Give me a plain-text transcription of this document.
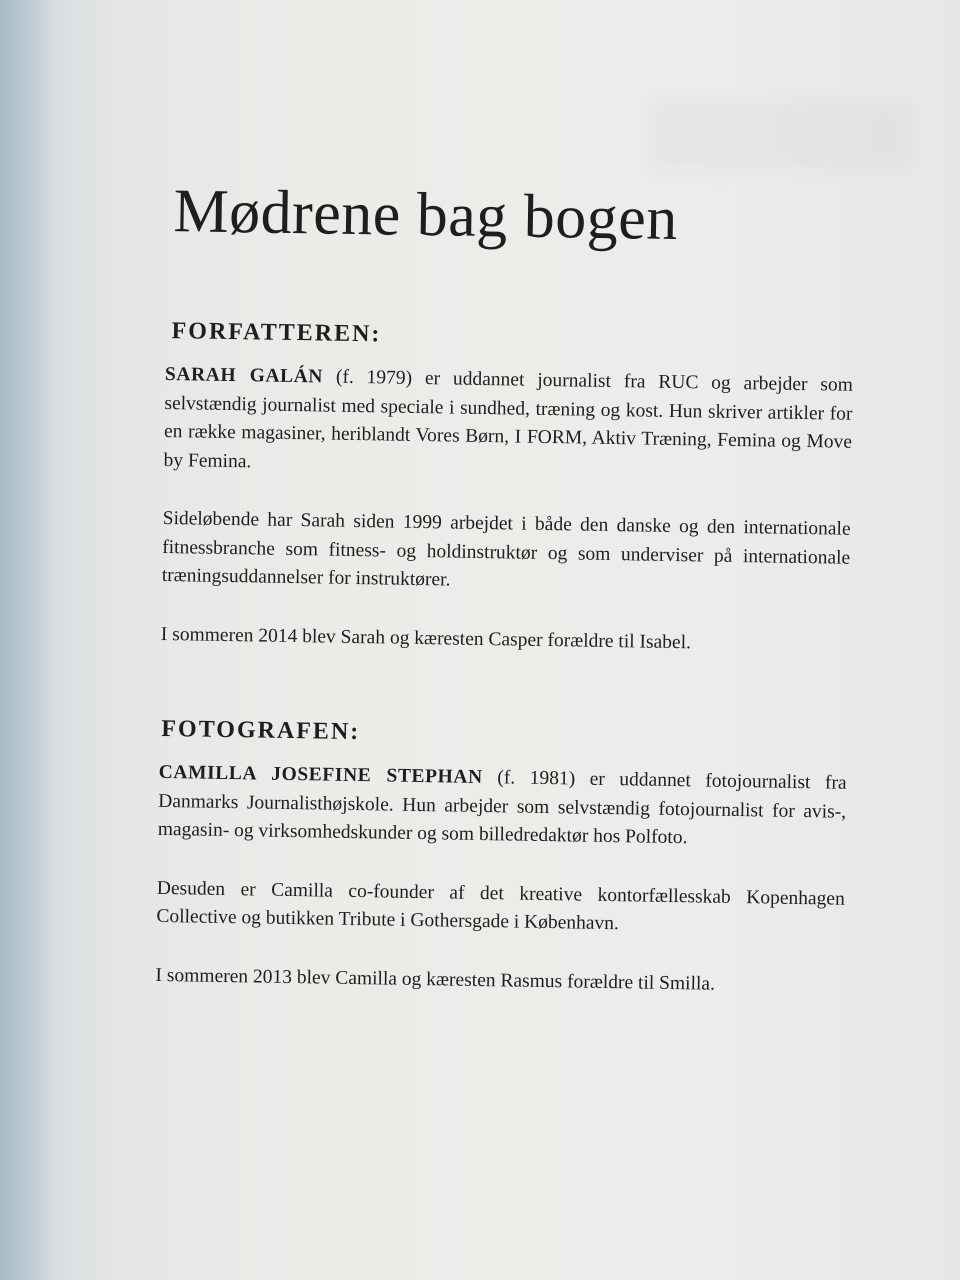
Mødrene bag bogen
FORFATTEREN:

SARAH GALÁN (f. 1979) er uddannet journalist fra RUC og arbejder som selvstændig journalist med speciale i sundhed, træning og kost. Hun skriver artikler for en række magasiner, heriblandt Vores Børn, I FORM, Aktiv Træning, Femina og Move by Femina.

Sideløbende har Sarah siden 1999 arbejdet i både den danske og den internationale fitnessbranche som fitness- og holdinstruktør og som underviser på internationale træningsuddannelser for instruktører.

I sommeren 2014 blev Sarah og kæresten Casper forældre til Isabel.

FOTOGRAFEN:

CAMILLA JOSEFINE STEPHAN (f. 1981) er uddannet fotojournalist fra Danmarks Journalisthøjskole. Hun arbejder som selvstændig fotojournalist for avis-, magasin- og virksomhedskunder og som billedredaktør hos Polfoto.

Desuden er Camilla co-founder af det kreative kontorfællesskab Kopenhagen Collective og butikken Tribute i Gothersgade i København.

I sommeren 2013 blev Camilla og kæresten Rasmus forældre til Smilla.
